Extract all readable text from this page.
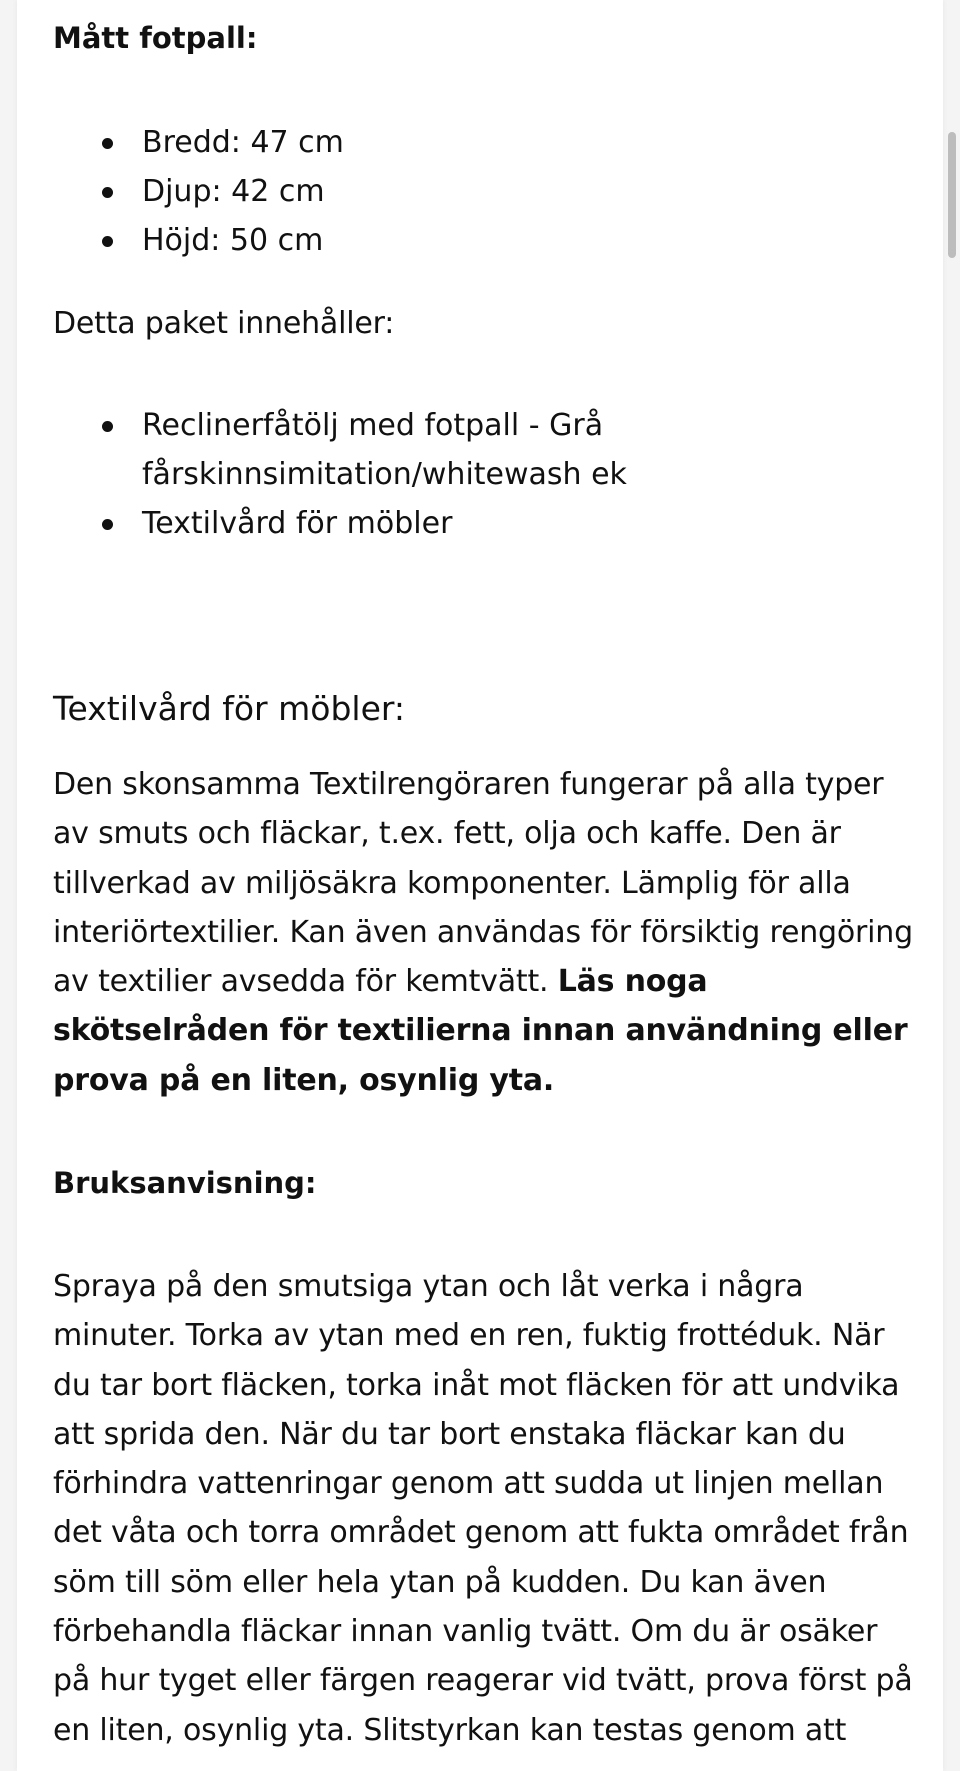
Mått fotpall:
Bredd: 47 cm
Djup: 42 cm
Höjd: 50 cm

Detta paket innehåller:

Reclinerfåtölj med fotpall - Grå
fårskinnsimitation/whitewash ek
Textilvård för möbler
Textilvård för möbler:

Den skonsamma Textilrengöraren fungerar på alla typer av smuts och fläckar, t.ex. fett, olja och kaffe. Den är tillverkad av miljösäkra komponenter. Lämplig för alla interiörtextilier. Kan även användas för försiktig rengöring av textilier avsedda för kemtvätt. Läs noga skötselråden för textilierna innan användning eller prova på en liten, osynlig yta.

Bruksanvisning:

Spraya på den smutsiga ytan och låt verka i några minuter. Torka av ytan med en ren, fuktig frottéduk. När du tar bort fläcken, torka inåt mot fläcken för att undvika att sprida den. När du tar bort enstaka fläckar kan du förhindra vattenringar genom att sudda ut linjen mellan det våta och torra området genom att fukta området från söm till söm eller hela ytan på kudden. Du kan även förbehandla fläckar innan vanlig tvätt. Om du är osäker på hur tyget eller färgen reagerar vid tvätt, prova först på en liten, osynlig yta. Slitstyrkan kan testas genom att
